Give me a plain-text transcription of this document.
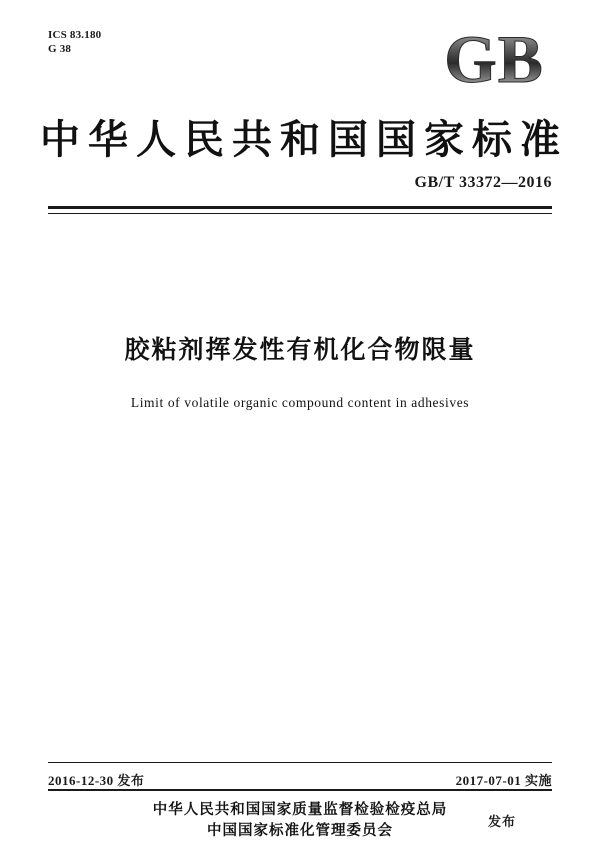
ICS 83.180
G 38	GB
中华人民共和国国家标准
GB/T 33372—2016
胶粘剂挥发性有机化合物限量
Limit of volatile organic compound content in adhesives
2016-12-30 发布	2017-07-01 实施
中华人民共和国国家质量监督检验检疫总局
中国国家标准化管理委员会
发布
